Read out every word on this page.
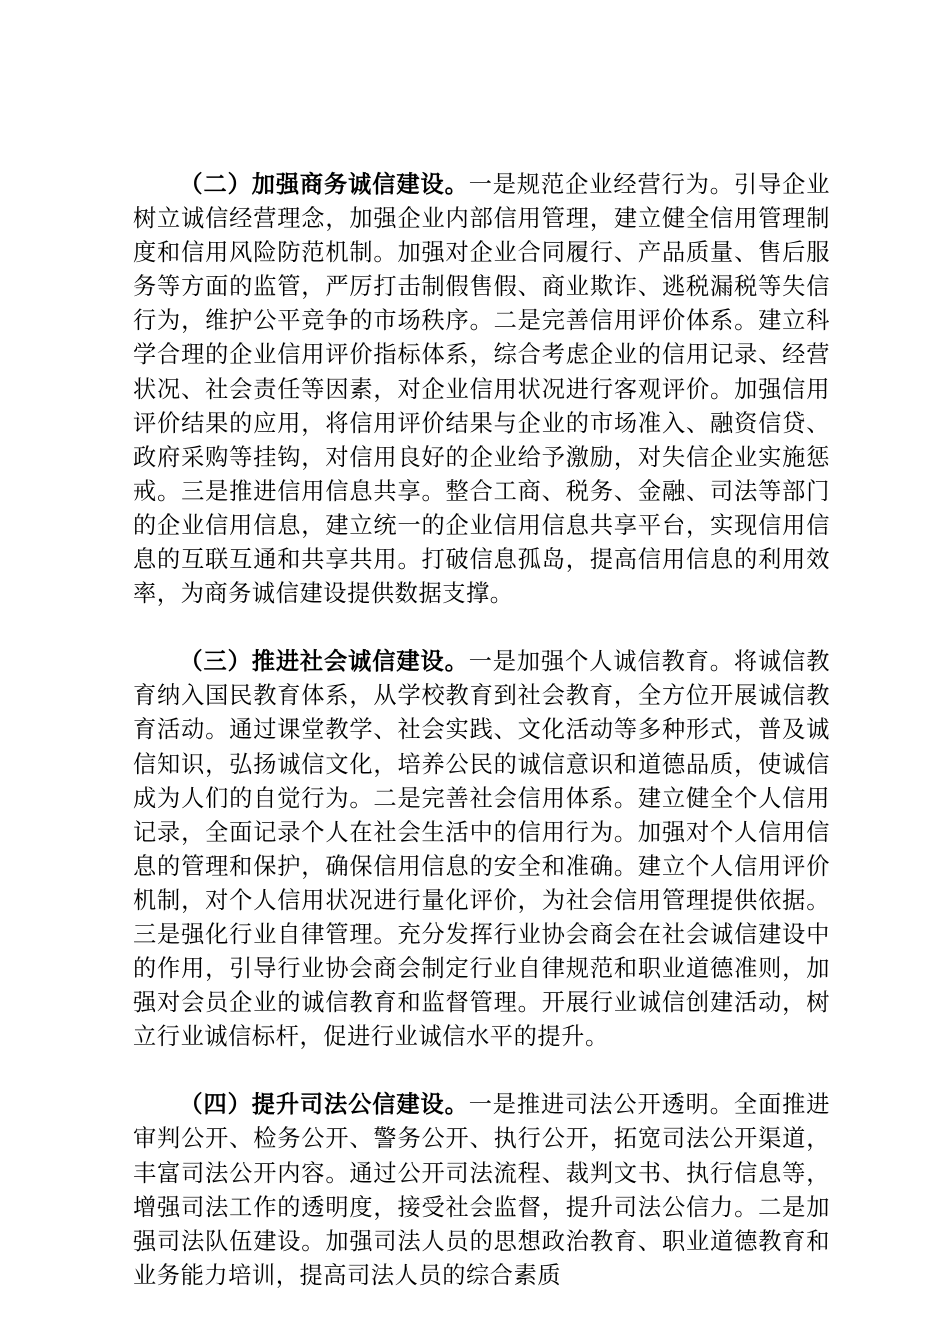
（二）加强商务诚信建设。一是规范企业经营行为。引导企业树立诚信经营理念，加强企业内部信用管理，建立健全信用管理制度和信用风险防范机制。加强对企业合同履行、产品质量、售后服务等方面的监管，严厉打击制假售假、商业欺诈、逃税漏税等失信行为，维护公平竞争的市场秩序。二是完善信用评价体系。建立科学合理的企业信用评价指标体系，综合考虑企业的信用记录、经营状况、社会责任等因素，对企业信用状况进行客观评价。加强信用评价结果的应用，将信用评价结果与企业的市场准入、融资信贷、政府采购等挂钩，对信用良好的企业给予激励，对失信企业实施惩戒。三是推进信用信息共享。整合工商、税务、金融、司法等部门的企业信用信息，建立统一的企业信用信息共享平台，实现信用信息的互联互通和共享共用。打破信息孤岛，提高信用信息的利用效率，为商务诚信建设提供数据支撑。

（三）推进社会诚信建设。一是加强个人诚信教育。将诚信教育纳入国民教育体系，从学校教育到社会教育，全方位开展诚信教育活动。通过课堂教学、社会实践、文化活动等多种形式，普及诚信知识，弘扬诚信文化，培养公民的诚信意识和道德品质，使诚信成为人们的自觉行为。二是完善社会信用体系。建立健全个人信用记录，全面记录个人在社会生活中的信用行为。加强对个人信用信息的管理和保护，确保信用信息的安全和准确。建立个人信用评价机制，对个人信用状况进行量化评价，为社会信用管理提供依据。三是强化行业自律管理。充分发挥行业协会商会在社会诚信建设中的作用，引导行业协会商会制定行业自律规范和职业道德准则，加强对会员企业的诚信教育和监督管理。开展行业诚信创建活动，树立行业诚信标杆，促进行业诚信水平的提升。

（四）提升司法公信建设。一是推进司法公开透明。全面推进审判公开、检务公开、警务公开、执行公开，拓宽司法公开渠道，丰富司法公开内容。通过公开司法流程、裁判文书、执行信息等，增强司法工作的透明度，接受社会监督，提升司法公信力。二是加强司法队伍建设。加强司法人员的思想政治教育、职业道德教育和业务能力培训，提高司法人员的综合素质
